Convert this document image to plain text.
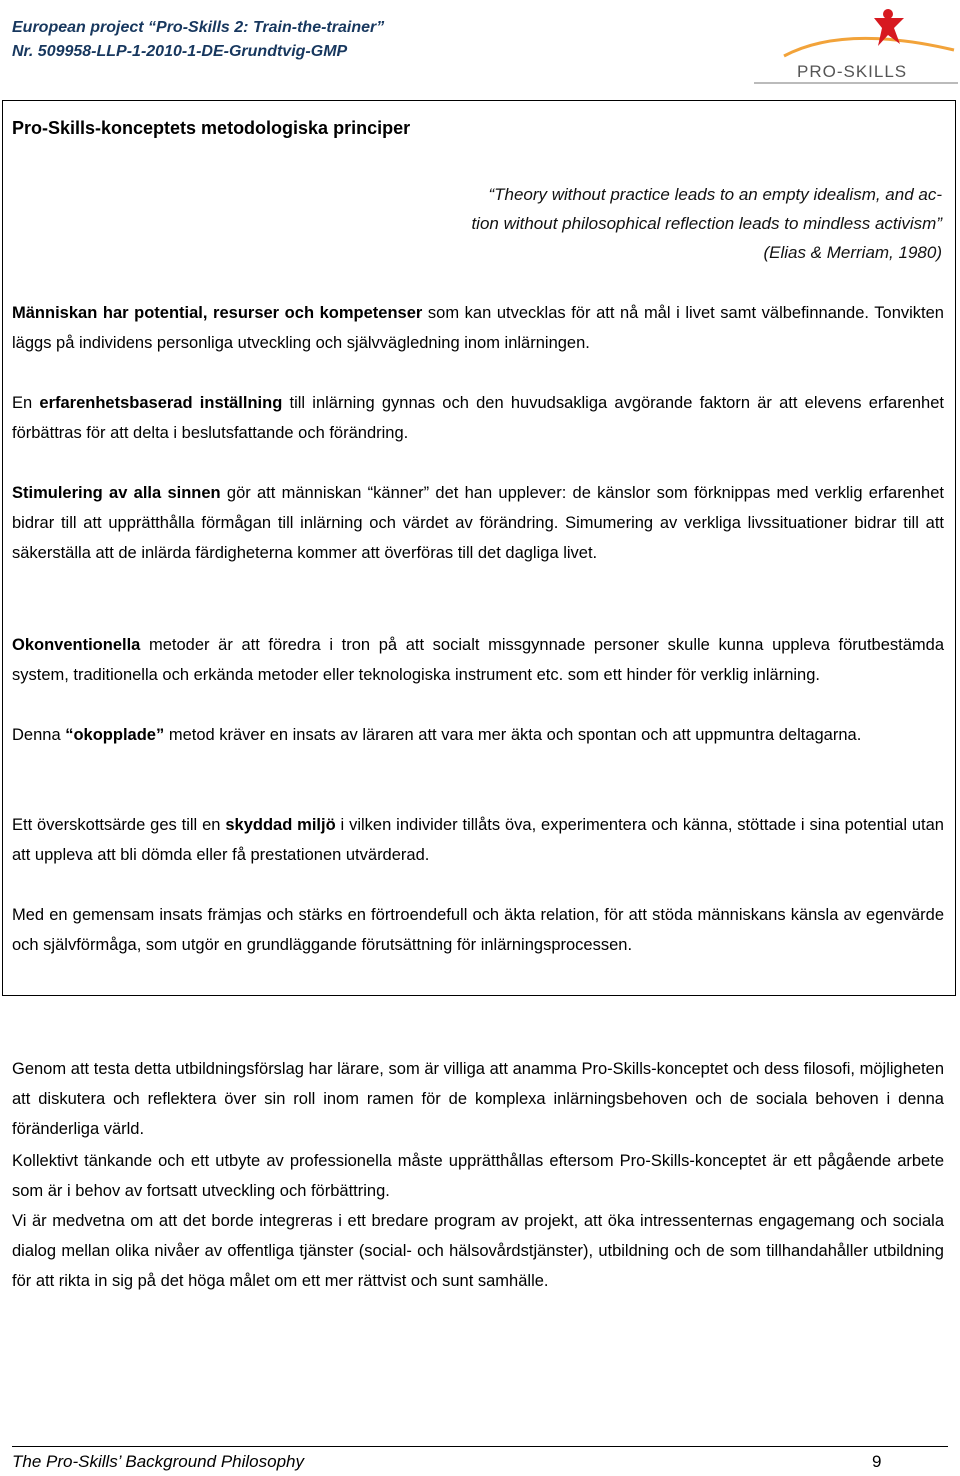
European project “Pro-Skills 2: Train-the-trainer”
Nr. 509958-LLP-1-2010-1-DE-Grundtvig-GMP
PRO-SKILLS
Pro-Skills-konceptets metodologiska principer
“Theory without practice leads to an empty idealism, and ac-
tion without philosophical reflection leads to mindless activism”
(Elias & Merriam, 1980)
Människan har potential, resurser och kompetenser som kan utvecklas för att nå mål i livet samt välbefinnande. Tonvikten läggs på individens personliga utveckling och självvägledning inom inlärningen.
En erfarenhetsbaserad inställning till inlärning gynnas och den huvudsakliga avgörande faktorn är att elevens erfarenhet förbättras för att delta i beslutsfattande och förändring.
Stimulering av alla sinnen gör att människan “känner” det han upplever: de känslor som förknippas med verklig erfarenhet bidrar till att upprätthålla förmågan till inlärning och värdet av förändring. Simumering av verkliga livssituationer bidrar till att säkerställa att de inlärda färdigheterna kommer att överföras till det dagliga livet.
Okonventionella metoder är att föredra i tron på att socialt missgynnade personer skulle kunna uppleva förutbestämda system, traditionella och erkända metoder eller teknologiska instrument etc. som ett hinder för verklig inlärning.
Denna “okopplade” metod kräver en insats av läraren att vara mer äkta och spontan och att uppmuntra deltagarna.
Ett överskottsärde ges till en skyddad miljö i vilken individer tillåts öva, experimentera och känna, stöttade i sina potential utan att uppleva att bli dömda eller få prestationen utvärderad.
Med en gemensam insats främjas och stärks en förtroendefull och äkta relation, för att stöda människans känsla av egenvärde och självförmåga, som utgör en grundläggande förutsättning för inlärningsprocessen.
Genom att testa detta utbildningsförslag har lärare, som är villiga att anamma Pro-Skills-konceptet och dess filosofi, möjligheten att diskutera och reflektera över sin roll inom ramen för de komplexa inlärningsbehoven och de sociala behoven i denna föränderliga värld.
Kollektivt tänkande och ett utbyte av professionella måste upprätthållas eftersom Pro-Skills-konceptet är ett pågående arbete som är i behov av fortsatt utveckling och förbättring.
Vi är medvetna om att det borde integreras i ett bredare program av projekt, att öka intressenternas engagemang och sociala dialog mellan olika nivåer av offentliga tjänster (social- och hälsovårdstjänster), utbildning och de som tillhandahåller utbildning för att rikta in sig på det höga målet om ett mer rättvist och sunt samhälle.
The Pro-Skills’ Background Philosophy	9
